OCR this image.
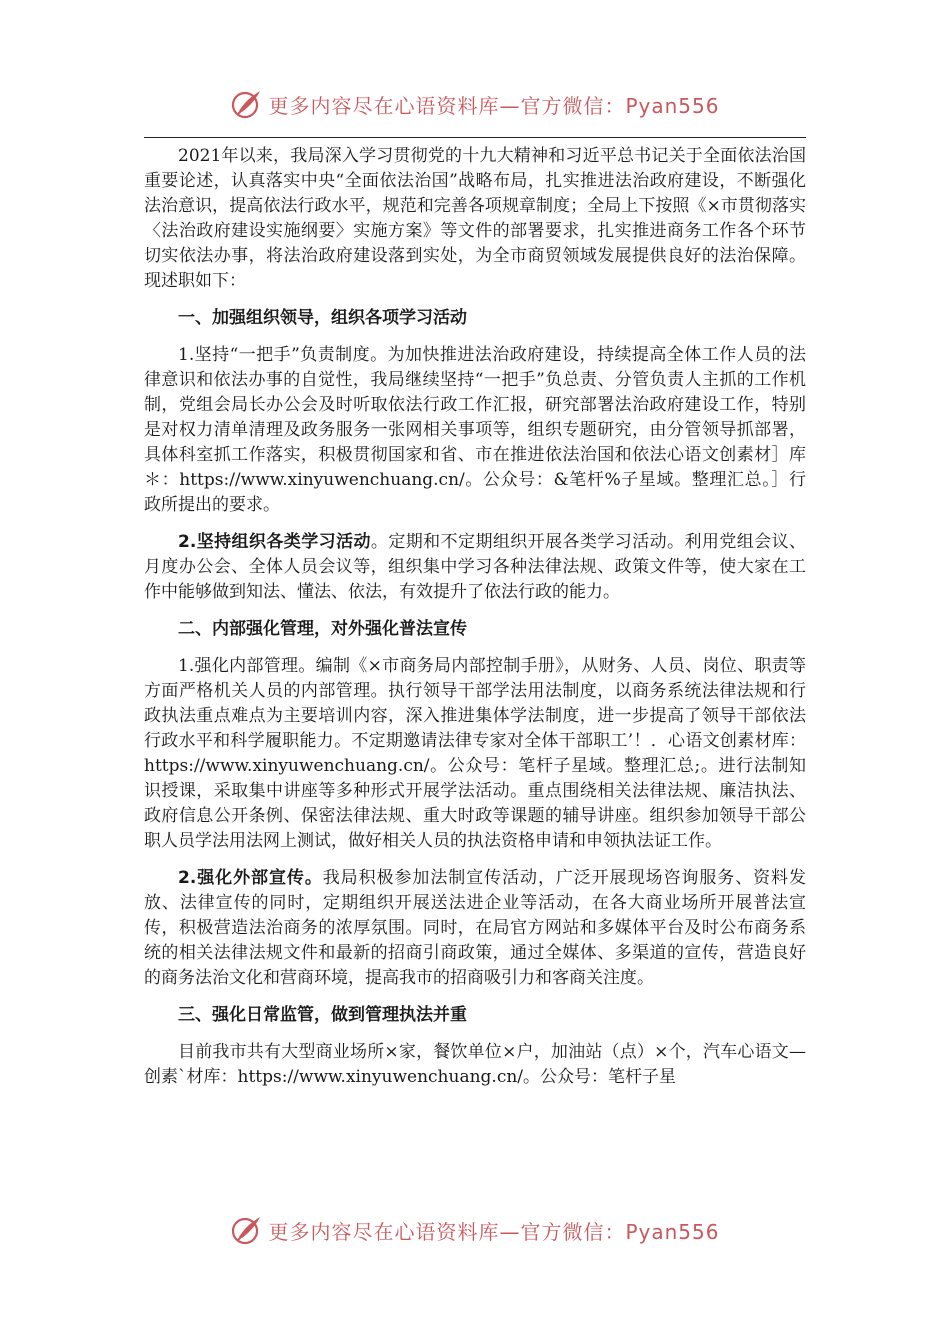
更多内容尽在心语资料库—官方微信：Pyan556

2021年以来，我局深入学习贯彻党的十九大精神和习近平总书记关于全面依法治国重要论述，认真落实中央“全面依法治国”战略布局，扎实推进法治政府建设，不断强化法治意识，提高依法行政水平，规范和完善各项规章制度；全局上下按照《×市贯彻落实〈法治政府建设实施纲要〉实施方案》等文件的部署要求，扎实推进商务工作各个环节切实依法办事，将法治政府建设落到实处，为全市商贸领域发展提供良好的法治保障。现述职如下：

一、加强组织领导，组织各项学习活动

1.坚持“一把手”负责制度。为加快推进法治政府建设，持续提高全体工作人员的法律意识和依法办事的自觉性，我局继续坚持“一把手”负总责、分管负责人主抓的工作机制，党组会局长办公会及时听取依法行政工作汇报，研究部署法治政府建设工作，特别是对权力清单清理及政务服务一张网相关事项等，组织专题研究，由分管领导抓部署，具体科室抓工作落实，积极贯彻国家和省、市在推进依法治国和依法心语文创素材］库＊：https://www.xinyuwenchuang.cn/。公众号：&笔杆%子星域。整理汇总。］行政所提出的要求。

2.坚持组织各类学习活动。定期和不定期组织开展各类学习活动。利用党组会议、月度办公会、全体人员会议等，组织集中学习各种法律法规、政策文件等，使大家在工作中能够做到知法、懂法、依法，有效提升了依法行政的能力。

二、内部强化管理，对外强化普法宣传

1.强化内部管理。编制《×市商务局内部控制手册》，从财务、人员、岗位、职责等方面严格机关人员的内部管理。执行领导干部学法用法制度，以商务系统法律法规和行政执法重点难点为主要培训内容，深入推进集体学法制度，进一步提高了领导干部依法行政水平和科学履职能力。不定期邀请法律专家对全体干部职工’！．心语文创素材库：https://www.xinyuwenchuang.cn/。公众号：笔杆子星域。整理汇总;。进行法制知识授课，采取集中讲座等多种形式开展学法活动。重点围绕相关法律法规、廉洁执法、政府信息公开条例、保密法律法规、重大时政等课题的辅导讲座。组织参加领导干部公职人员学法用法网上测试，做好相关人员的执法资格申请和申领执法证工作。

2.强化外部宣传。我局积极参加法制宣传活动，广泛开展现场咨询服务、资料发放、法律宣传的同时，定期组织开展送法进企业等活动，在各大商业场所开展普法宣传，积极营造法治商务的浓厚氛围。同时，在局官方网站和多媒体平台及时公布商务系统的相关法律法规文件和最新的招商引商政策，通过全媒体、多渠道的宣传，营造良好的商务法治文化和营商环境，提高我市的招商吸引力和客商关注度。

三、强化日常监管，做到管理执法并重

目前我市共有大型商业场所×家，餐饮单位×户，加油站（点）×个，汽车心语文—创素`材库：https://www.xinyuwenchuang.cn/。公众号：笔杆子星

更多内容尽在心语资料库—官方微信：Pyan556
